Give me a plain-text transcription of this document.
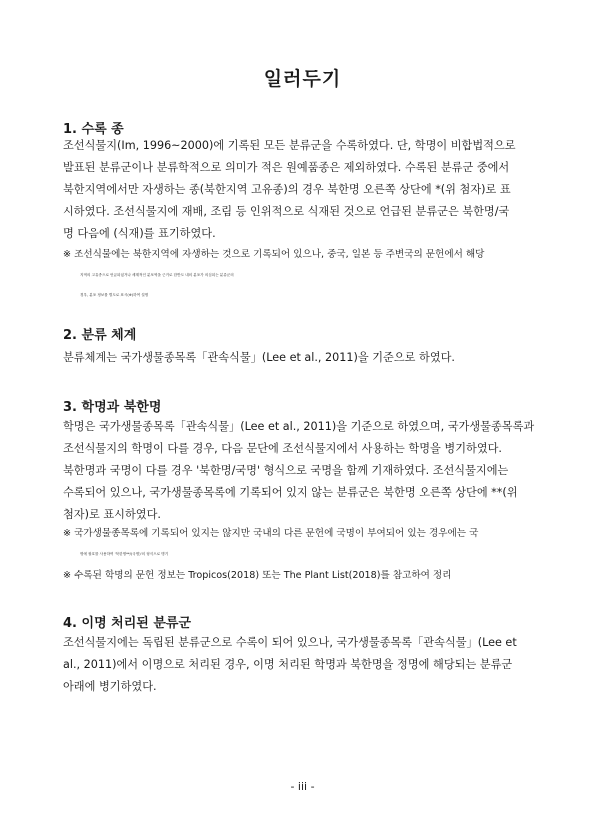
일러두기
1. 수록 종
조선식물지(Im, 1996~2000)에 기록된 모든 분류군을 수록하였다. 단, 학명이 비합법적으로
발표된 분류군이나 분류학적으로 의미가 적은 원예품종은 제외하였다. 수록된 분류군 중에서
북한지역에서만 자생하는 종(북한지역 고유종)의 경우 북한명 오른쪽 상단에 *(위 첨자)로 표
시하였다. 조선식물지에 재배, 조림 등 인위적으로 식재된 것으로 언급된 분류군은 북한명/국
명 다음에 (식재)를 표기하였다.
※ 조선식물에는 북한지역에 자생하는 것으로 기록되어 있으나, 중국, 일본 등 주변국의 문헌에서 해당
지역의 고유종으로 언급되었거나 세계적인 분포역을 근거로 한반도 내의 분포가 의심되는 분류군의
경우, 분포 정보를 별도로 표시(※)하여 설명
2. 분류 체계
분류체계는 국가생물종목록「관속식물」(Lee et al., 2011)을 기준으로 하였다.
3. 학명과 북한명
학명은 국가생물종목록「관속식물」(Lee et al., 2011)을 기준으로 하였으며, 국가생물종목록과
조선식물지의 학명이 다를 경우, 다음 문단에 조선식물지에서 사용하는 학명을 병기하였다.
북한명과 국명이 다를 경우 '북한명/국명' 형식으로 국명을 함께 기재하였다. 조선식물지에는
수록되어 있으나, 국가생물종목록에 기록되어 있지 않는 분류군은 북한명 오른쪽 상단에 **(위
첨자)로 표시하였다.
※ 국가생물종목록에 기록되어 있지는 않지만 국내의 다른 문헌에 국명이 부여되어 있는 경우에는 국
명에 괄호를 사용하여 '북한명**/(국명)'의 형식으로 병기
※ 수록된 학명의 문헌 정보는 Tropicos(2018) 또는 The Plant List(2018)를 참고하여 정리
4. 이명 처리된 분류군
조선식물지에는 독립된 분류군으로 수록이 되어 있으나, 국가생물종목록「관속식물」(Lee et
al., 2011)에서 이명으로 처리된 경우, 이명 처리된 학명과 북한명을 정명에 해당되는 분류군
아래에 병기하였다.
- iii -
